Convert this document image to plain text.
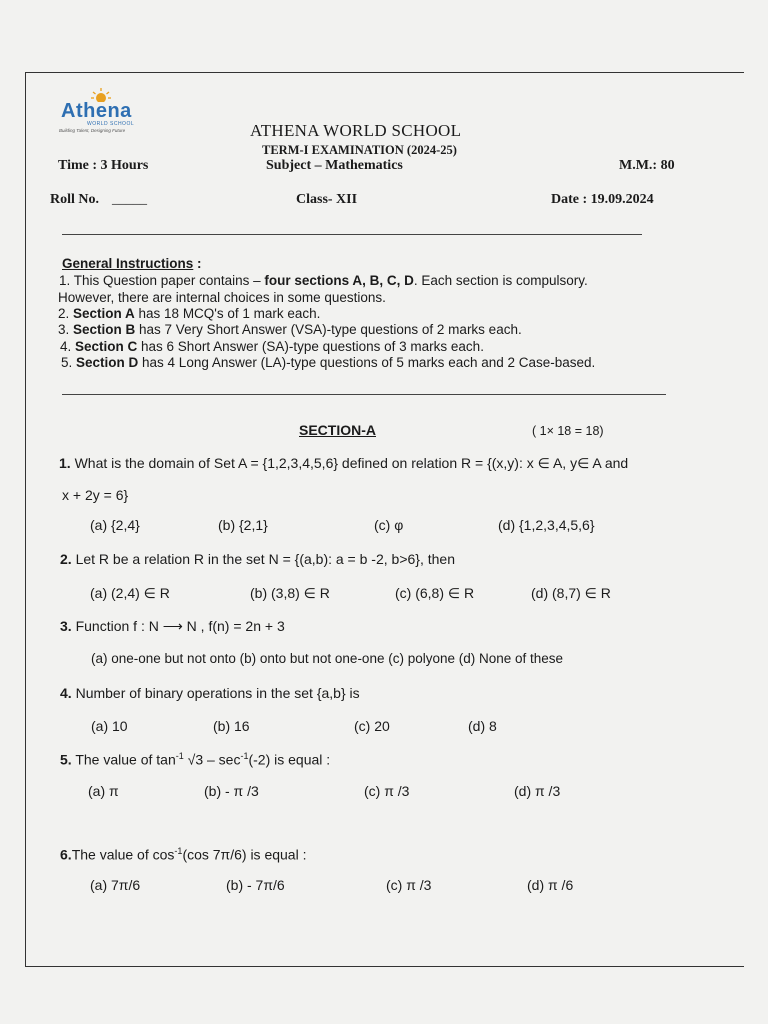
Athena
WORLD SCHOOL
Building Talent, Designing Future	ATHENA WORLD SCHOOL
TERM-I EXAMINATION (2024-25)
Time : 3 Hours	Subject – Mathematics	M.M.: 80
Roll No. _____	Class- XII	Date : 19.09.2024
General Instructions :
1. This Question paper contains – four sections A, B, C, D. Each section is compulsory.
However, there are internal choices in some questions.
2. Section A has 18 MCQ's of 1 mark each.
3. Section B has 7 Very Short Answer (VSA)-type questions of 2 marks each.
4. Section C has 6 Short Answer (SA)-type questions of 3 marks each.
5. Section D has 4 Long Answer (LA)-type questions of 5 marks each and 2 Case-based.
SECTION-A	( 1× 18 = 18)
1. What is the domain of Set A = {1,2,3,4,5,6} defined on relation R = {(x,y): x ∈ A, y∈ A and
x + 2y = 6}
(a) {2,4}	(b) {2,1}	(c) φ	(d) {1,2,3,4,5,6}
2. Let R be a relation R in the set N = {(a,b): a = b -2, b>6}, then
(a) (2,4) ∈ R	(b) (3,8) ∈ R	(c) (6,8) ∈ R	(d) (8,7) ∈ R
3. Function f : N ⟶ N , f(n) = 2n + 3
(a) one-one but not onto (b) onto but not one-one (c) polyone (d) None of these
4. Number of binary operations in the set {a,b} is
(a) 10	(b) 16	(c) 20	(d) 8
5. The value of $\tan^{-1} √3 - \sec^{-1}(-2)$ is equal :
(a) π	(b) - π /3	(c) π /3	(d) π /3
6.The value of $\cos^{-1}(\cos$ 7π/6) is equal :
(a) 7π/6	(b) - 7π/6	(c) π /3	(d) π /6
